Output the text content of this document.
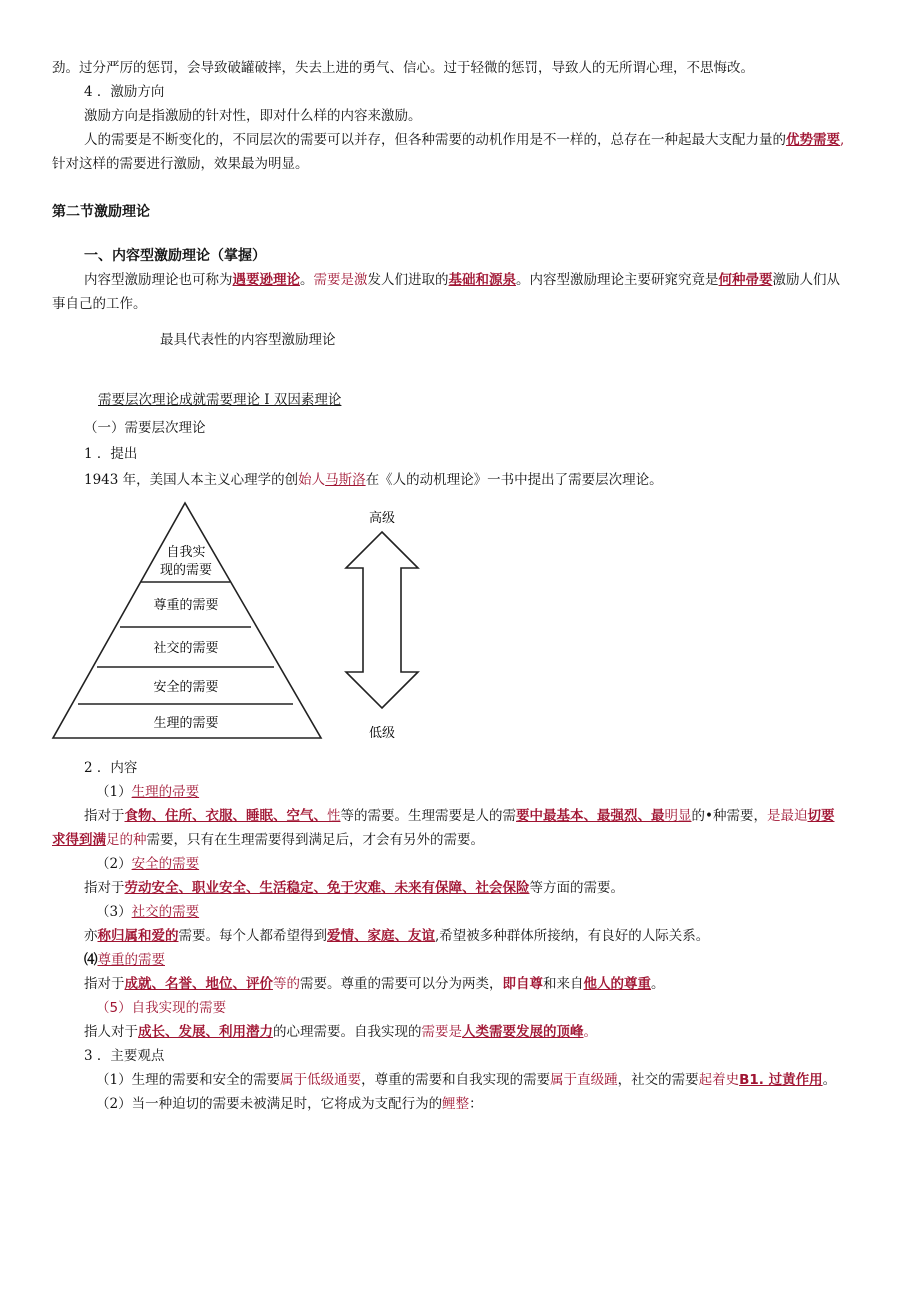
劲。过分严厉的惩罚，会导致破罐破摔，失去上进的勇气、信心。过于轻微的惩罚，导致人的无所谓心理，不思悔改。
4 ．激励方向
激励方向是指激励的针对性，即对什么样的内容来激励。
人的需要是不断变化的，不同层次的需要可以并存，但各种需要的动机作用是不一样的，总存在一种起最大支配力量的优势需要,
针对这样的需要进行激励，效果最为明显。
第二节激励理论
一、内容型激励理论（掌握）
内容型激励理论也可称为遇要逊理论。需要是激发人们进取的基础和源泉。内容型激励理论主要研窕究竟是何种帚要激励人们从
事自己的工作。
最具代表性的内容型激励理论
需要层次理论成就需要理论 I 双因素理论
（一）需要层次理论
1 ．提出
1943 年，美国人本主义心理学的创始人马斯洛在《人的动机理论》一书中提出了需要层次理论。
自我实
现的需要
尊重的需要
社交的需要
安全的需要
生理的需要
高级
低级
2 ．内容
（1）生理的帚要
指对于食物、住所、衣服、睡眠、空气、性等的需要。生理需要是人的需要中最基本、最强烈、最明显的•种需要，是最迫切要
求得到满足的种需要，只有在生理需要得到满足后，才会有另外的需要。
（2）安全的需要
指对于劳动安全、职业安全、生活稳定、免于灾难、未来有保障、社会保险等方面的需要。
（3）社交的需要
亦称归属和爱的需要。每个人都希望得到爱情、家庭、友谊,希望被多种群体所接纳，有良好的人际关系。
⑷尊重的需要
指对于成就、名誉、地位、评价等的需要。尊重的需要可以分为两类，即自尊和来自他人的尊重。
（5）自我实现的需要
指人对于成长、发展、利用潜力的心理需要。自我实现的需要是人类需要发展的顶峰。
3 ．主要观点
（1）生理的需要和安全的需要属于低级通要，尊重的需要和自我实现的需要属于直级踵，社交的需要起着史B1. 过黄作用。
（2）当一种迫切的需要未被满足时，它将成为支配行为的鲤整：
